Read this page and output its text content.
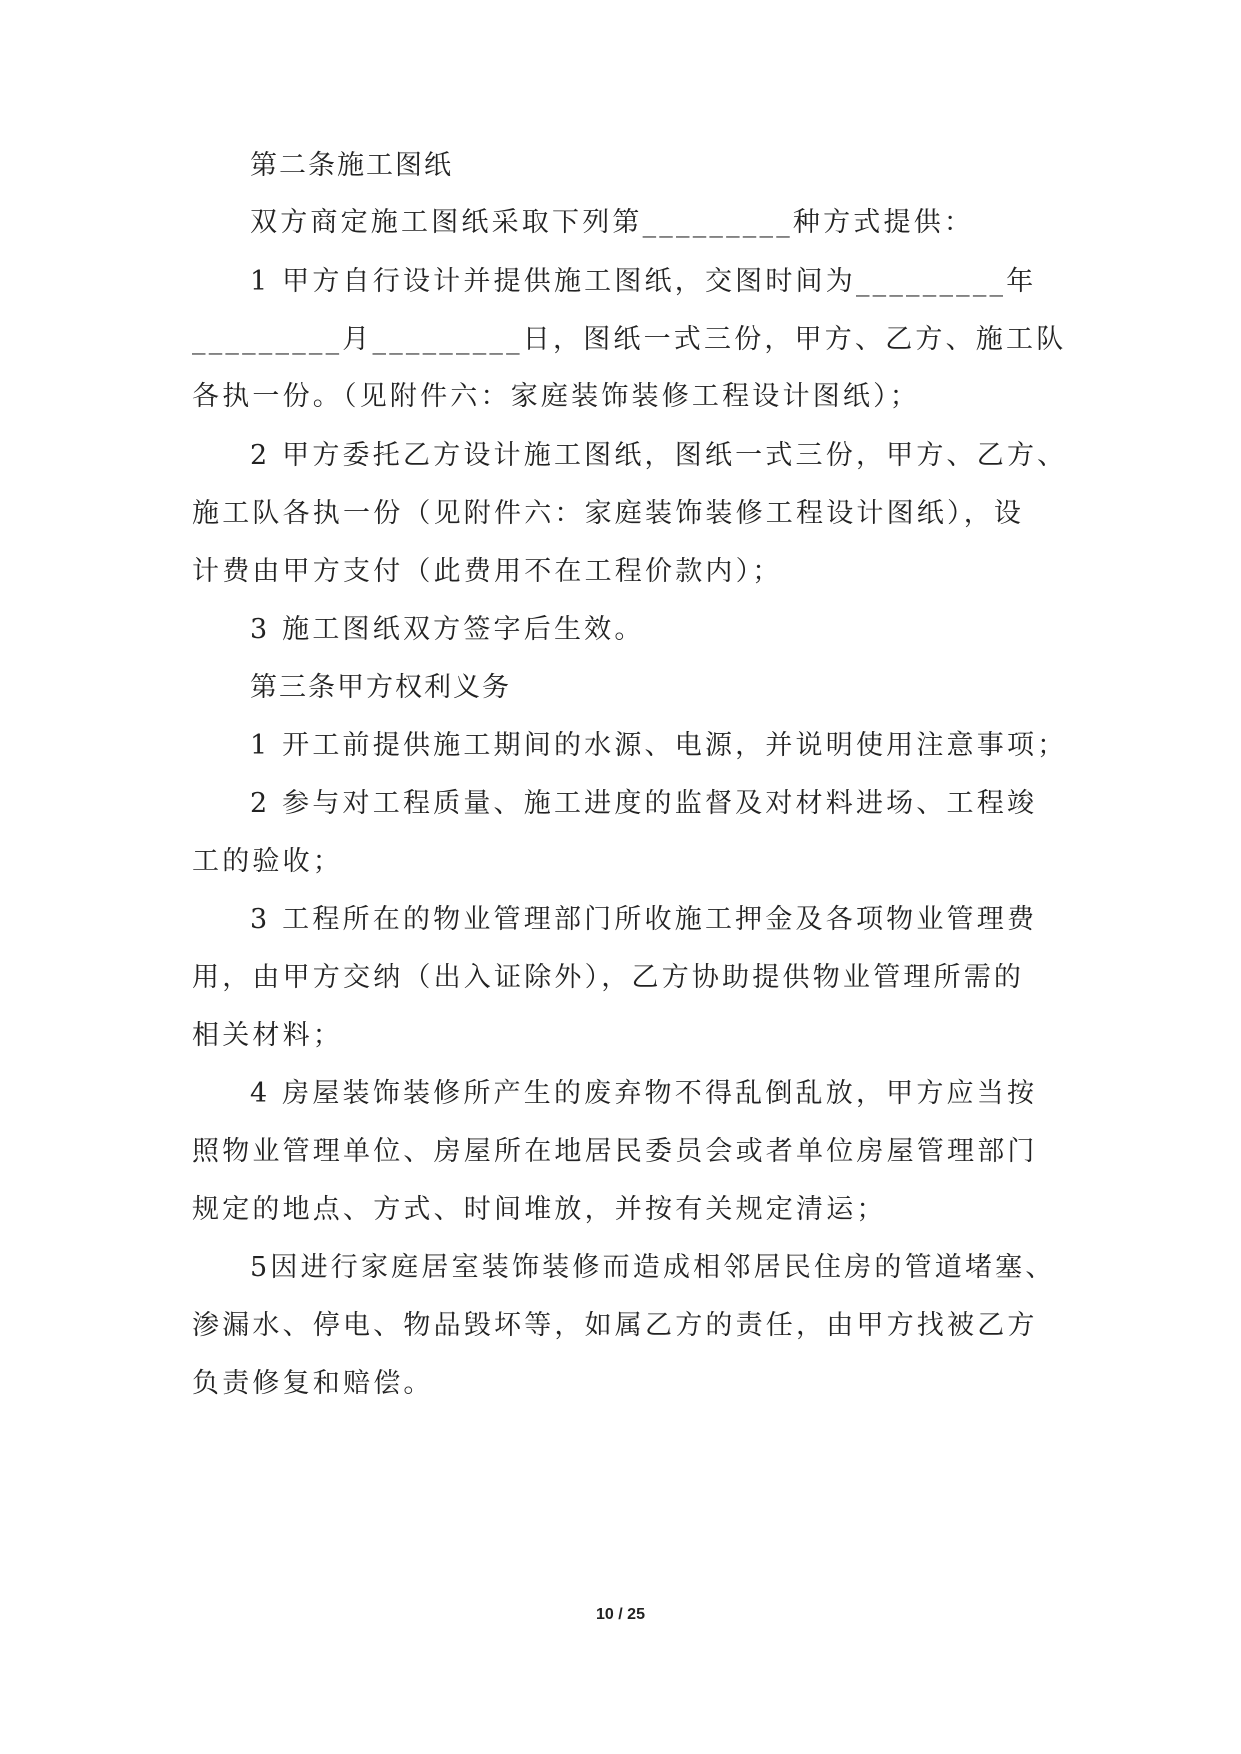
第二条施工图纸
双方商定施工图纸采取下列第_________种方式提供：
1 甲方自行设计并提供施工图纸，交图时间为_________年
_________月_________日，图纸一式三份，甲方、乙方、施工队
各执一份。（见附件六：家庭装饰装修工程设计图纸）；
2 甲方委托乙方设计施工图纸，图纸一式三份，甲方、乙方、
施工队各执一份（见附件六：家庭装饰装修工程设计图纸），设
计费由甲方支付（此费用不在工程价款内）；
3 施工图纸双方签字后生效。
第三条甲方权利义务
1 开工前提供施工期间的水源、电源，并说明使用注意事项；
2 参与对工程质量、施工进度的监督及对材料进场、工程竣
工的验收；
3 工程所在的物业管理部门所收施工押金及各项物业管理费
用，由甲方交纳（出入证除外），乙方协助提供物业管理所需的
相关材料；
4 房屋装饰装修所产生的废弃物不得乱倒乱放，甲方应当按
照物业管理单位、房屋所在地居民委员会或者单位房屋管理部门
规定的地点、方式、时间堆放，并按有关规定清运；
5因进行家庭居室装饰装修而造成相邻居民住房的管道堵塞、
渗漏水、停电、物品毁坏等，如属乙方的责任，由甲方找被乙方
负责修复和赔偿。
10 / 25
